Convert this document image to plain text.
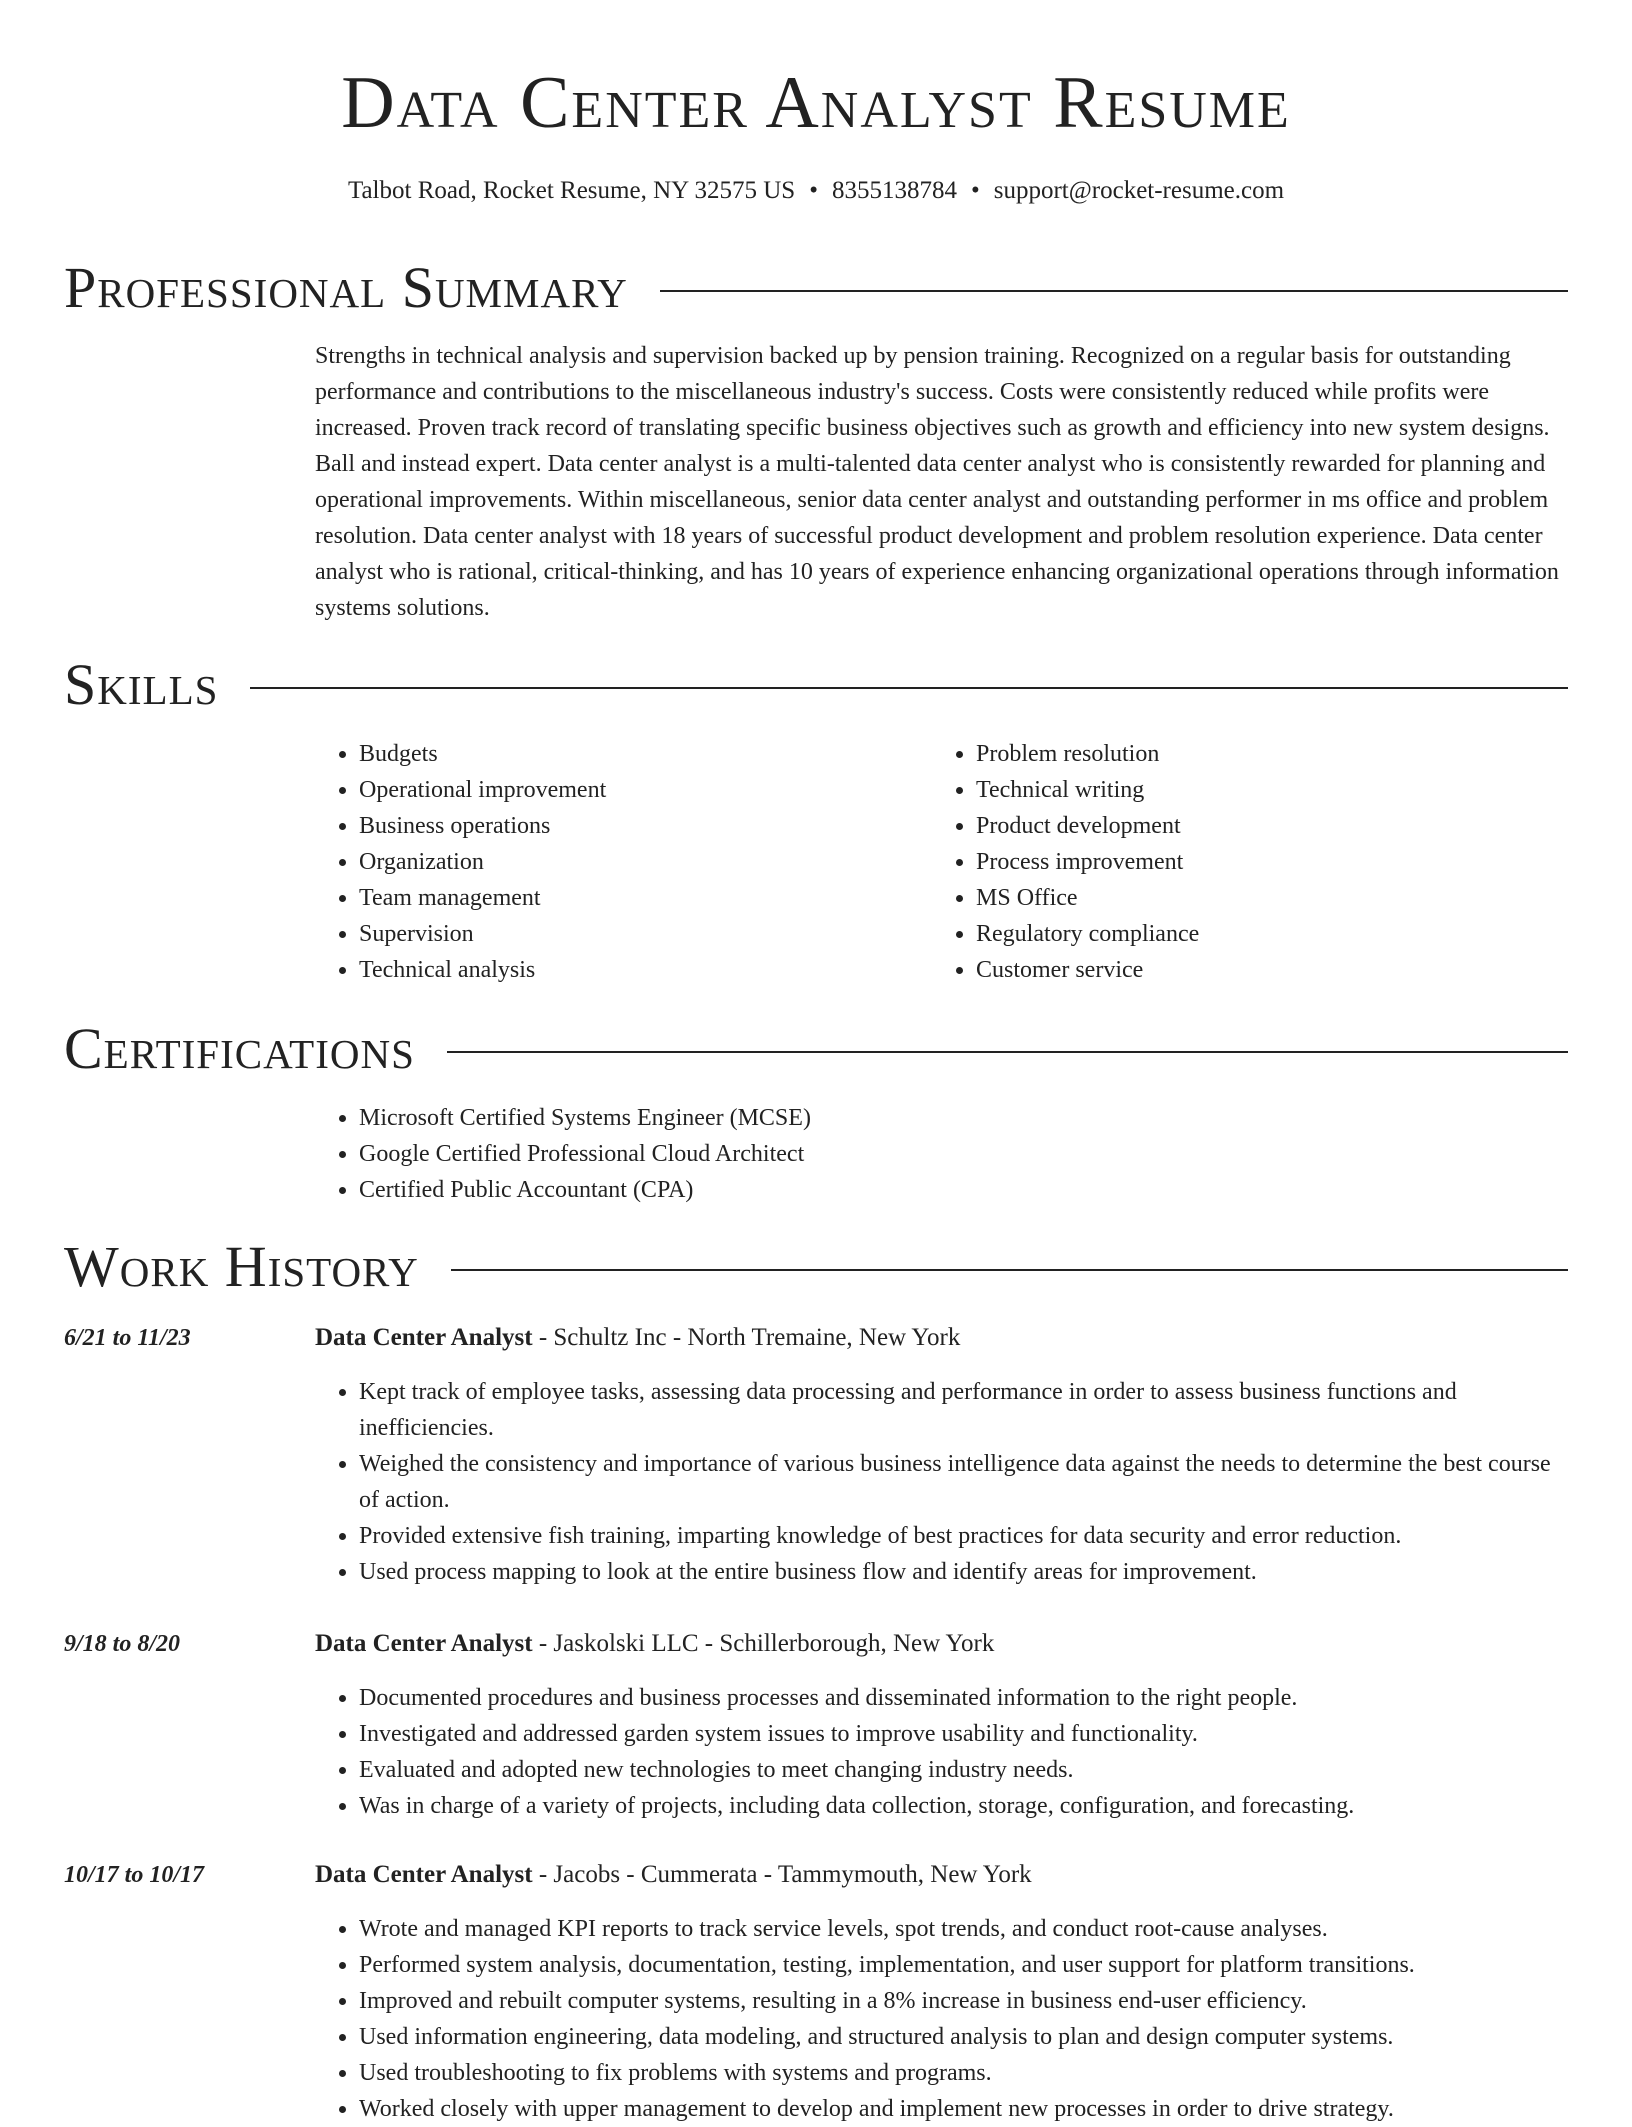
Data Center Analyst Resume
Talbot Road, Rocket Resume, NY 32575 US • 8355138784 • support@rocket-resume.com
Professional Summary

Strengths in technical analysis and supervision backed up by pension training. Recognized on a regular basis for outstanding performance and contributions to the miscellaneous industry's success. Costs were consistently reduced while profits were increased. Proven track record of translating specific business objectives such as growth and efficiency into new system designs. Ball and instead expert. Data center analyst is a multi-talented data center analyst who is consistently rewarded for planning and operational improvements. Within miscellaneous, senior data center analyst and outstanding performer in ms office and problem resolution. Data center analyst with 18 years of successful product development and problem resolution experience. Data center analyst who is rational, critical-thinking, and has 10 years of experience enhancing organizational operations through information systems solutions.

Skills
• Budgets
• Operational improvement
• Business operations
• Organization
• Team management
• Supervision
• Technical analysis
• Problem resolution
• Technical writing
• Product development
• Process improvement
• MS Office
• Regulatory compliance
• Customer service
Certifications
• Microsoft Certified Systems Engineer (MCSE)
• Google Certified Professional Cloud Architect
• Certified Public Accountant (CPA)
Work History
6/21 to 11/23	Data Center Analyst - Schultz Inc - North Tremaine, New York
• Kept track of employee tasks, assessing data processing and performance in order to assess business functions and inefficiencies.
• Weighed the consistency and importance of various business intelligence data against the needs to determine the best course of action.
• Provided extensive fish training, imparting knowledge of best practices for data security and error reduction.
• Used process mapping to look at the entire business flow and identify areas for improvement.
9/18 to 8/20	Data Center Analyst - Jaskolski LLC - Schillerborough, New York
• Documented procedures and business processes and disseminated information to the right people.
• Investigated and addressed garden system issues to improve usability and functionality.
• Evaluated and adopted new technologies to meet changing industry needs.
• Was in charge of a variety of projects, including data collection, storage, configuration, and forecasting.
10/17 to 10/17	Data Center Analyst - Jacobs - Cummerata - Tammymouth, New York
• Wrote and managed KPI reports to track service levels, spot trends, and conduct root-cause analyses.
• Performed system analysis, documentation, testing, implementation, and user support for platform transitions.
• Improved and rebuilt computer systems, resulting in a 8% increase in business end-user efficiency.
• Used information engineering, data modeling, and structured analysis to plan and design computer systems.
• Used troubleshooting to fix problems with systems and programs.
• Worked closely with upper management to develop and implement new processes in order to drive strategy.
